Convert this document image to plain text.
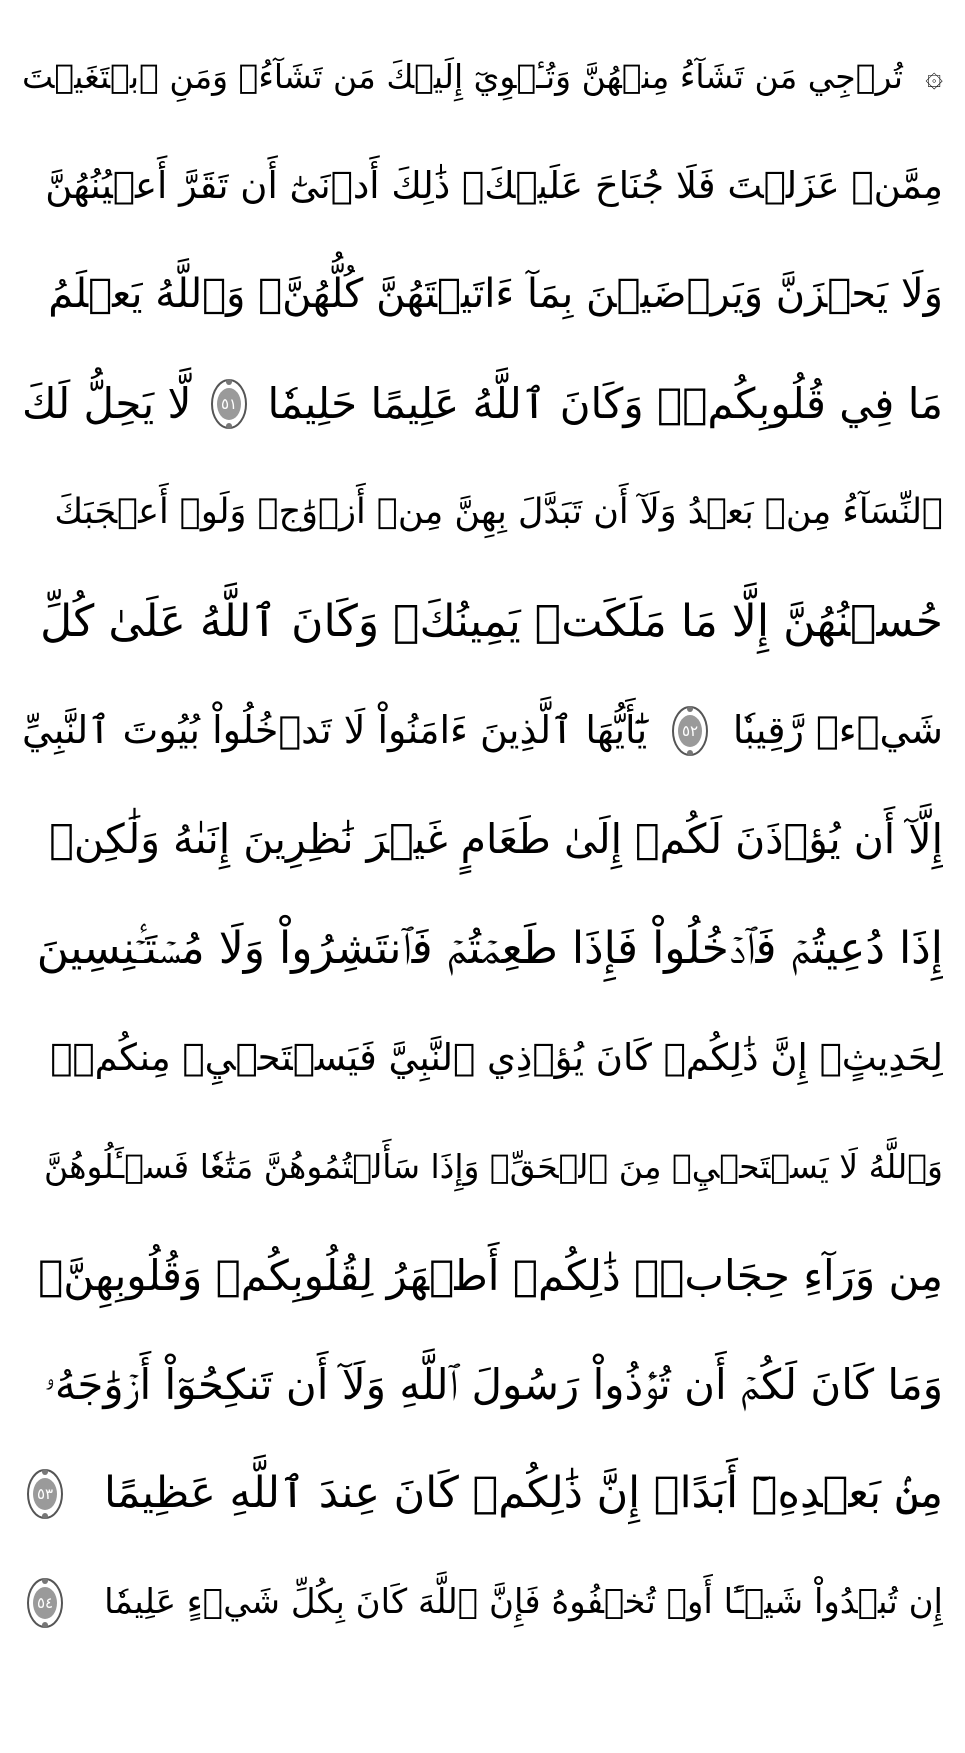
۞
تُرۡجِي مَن تَشَآءُ مِنۡهُنَّ وَتُـٔۡوِيٓ إِلَيۡكَ مَن تَشَآءُۖ وَمَنِ ٱبۡتَغَيۡتَ
مِمَّنۡ عَزَلۡتَ فَلَا جُنَاحَ عَلَيۡكَۚ ذَٰلِكَ أَدۡنَىٰٓ أَن تَقَرَّ أَعۡيُنُهُنَّ
وَلَا يَحۡزَنَّ وَيَرۡضَيۡنَ بِمَآ ءَاتَيۡتَهُنَّ كُلُّهُنَّۚ وَٱللَّهُ يَعۡلَمُ
مَا فِي قُلُوبِكُمۡۚ وَكَانَ ٱللَّهُ عَلِيمًا حَلِيمٗا
٥١
لَّا يَحِلُّ لَكَ
ٱلنِّسَآءُ مِنۢ بَعۡدُ وَلَآ أَن تَبَدَّلَ بِهِنَّ مِنۡ أَزۡوَٰجٖ وَلَوۡ أَعۡجَبَكَ
حُسۡنُهُنَّ إِلَّا مَا مَلَكَتۡ يَمِينُكَۗ وَكَانَ ٱللَّهُ عَلَىٰ كُلِّ
شَيۡءٖ رَّقِيبٗا
٥٢
يَٰٓأَيُّهَا ٱلَّذِينَ ءَامَنُواْ لَا تَدۡخُلُواْ بُيُوتَ ٱلنَّبِيِّ
إِلَّآ أَن يُؤۡذَنَ لَكُمۡ إِلَىٰ طَعَامٍ غَيۡرَ نَٰظِرِينَ إِنَىٰهُ وَلَٰكِنۡ
إِذَا دُعِيتُمۡ فَٱدۡخُلُواْ فَإِذَا طَعِمۡتُمۡ فَٱنتَشِرُواْ وَلَا مُسۡتَـٔۡنِسِينَ
لِحَدِيثٍۚ إِنَّ ذَٰلِكُمۡ كَانَ يُؤۡذِي ٱلنَّبِيَّ فَيَسۡتَحۡيِۦ مِنكُمۡۖ
وَٱللَّهُ لَا يَسۡتَحۡيِۦ مِنَ ٱلۡحَقِّۚ وَإِذَا سَأَلۡتُمُوهُنَّ مَتَٰعٗا فَسۡـَٔلُوهُنَّ
مِن وَرَآءِ حِجَابٖۚ ذَٰلِكُمۡ أَطۡهَرُ لِقُلُوبِكُمۡ وَقُلُوبِهِنَّۚ
وَمَا كَانَ لَكُمۡ أَن تُؤۡذُواْ رَسُولَ ٱللَّهِ وَلَآ أَن تَنكِحُوٓاْ أَزۡوَٰجَهُۥ
مِنۢ بَعۡدِهِۦٓ أَبَدًاۚ إِنَّ ذَٰلِكُمۡ كَانَ عِندَ ٱللَّهِ عَظِيمًا
٥٣
إِن تُبۡدُواْ شَيۡـًٔا أَوۡ تُخۡفُوهُ فَإِنَّ ٱللَّهَ كَانَ بِكُلِّ شَيۡءٍ عَلِيمٗا
٥٤
